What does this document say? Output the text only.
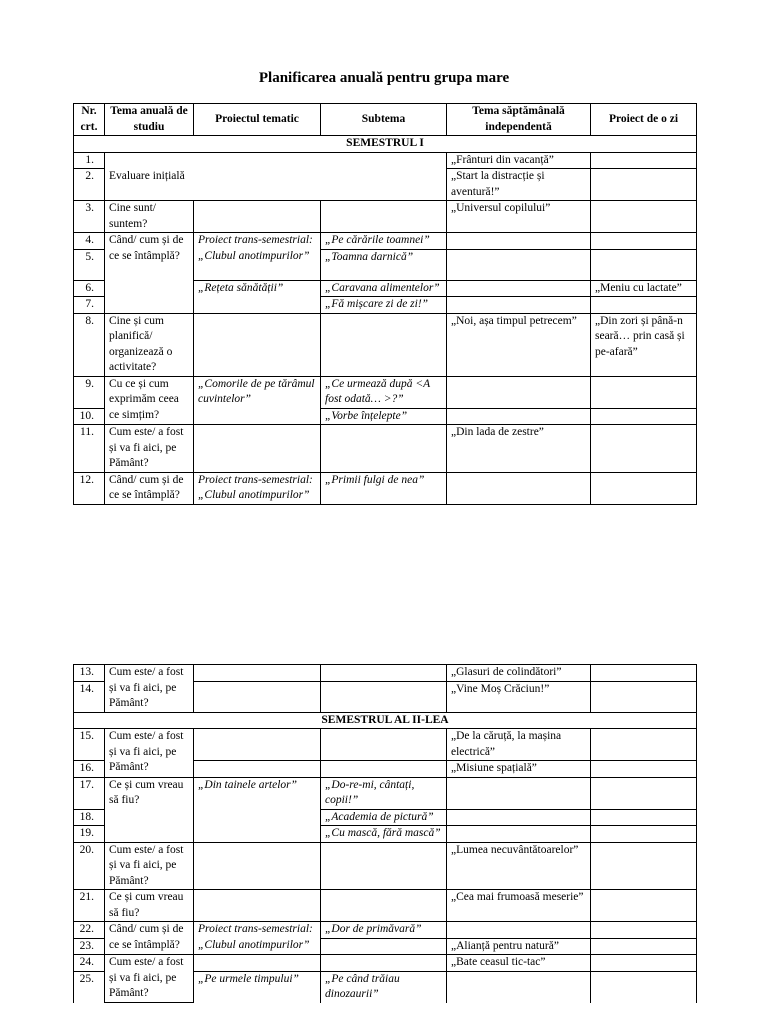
Planificarea anuală pentru grupa mare
Nr. crt.	Tema anuală de studiu	Proiectul tematic	Subtema	Tema săptămânală independentă	Proiect de o zi
SEMESTRUL I					
1.	Evaluare inițială			„Frânturi din vacanță”	
2.				„Start la distracție și aventură!”	
3.	Cine sunt/ suntem?			„Universul copilului”	
4.	Când/ cum și de ce se întâmplă?	Proiect trans-semestrial: „Clubul anotimpurilor”	„Pe cărările toamnei”		
5.			„Toamna darnică”		
6.		„Rețeta sănătății”	„Caravana alimentelor”		„Meniu cu lactate”
7.			„Fă mișcare zi de zi!”		
8.	Cine și cum planifică/ organizează o activitate?			„Noi, așa timpul petrecem”	„Din zori și până-n seară… prin casă și pe-afară”
9.	Cu ce și cum exprimăm ceea ce simțim?	„Comorile de pe tărâmul cuvintelor”	„Ce urmează după <A fost odată… >?”		
10.			„Vorbe înțelepte”		
11.	Cum este/ a fost și va fi aici, pe Pământ?			„Din lada de zestre”	
12.	Când/ cum și de ce se întâmplă?	Proiect trans-semestrial: „Clubul anotimpurilor”	„Primii fulgi de nea”		
13.	Cum este/ a fost și va fi aici, pe Pământ?			„Glasuri de colindători”	
14.				„Vine Moș Crăciun!”	
SEMESTRUL AL II-LEA					
15.	Cum este/ a fost și va fi aici, pe Pământ?			„De la căruță, la mașina electrică”	
16.				„Misiune spațială”	
17.	Ce și cum vreau să fiu?	„Din tainele artelor”	„Do-re-mi, cântați, copii!”		
18.			„Academia de pictură”		
19.			„Cu mască, fără mască”		
20.	Cum este/ a fost și va fi aici, pe Pământ?			„Lumea necuvântătoarelor”	
21.	Ce și cum vreau să fiu?			„Cea mai frumoasă meserie”	
22.	Când/ cum și de ce se întâmplă?	Proiect trans-semestrial: „Clubul anotimpurilor”	„Dor de primăvară”		
23.				„Alianță pentru natură”	
24.	Cum este/ a fost și va fi aici, pe Pământ?			„Bate ceasul tic-tac”	
25.		„Pe urmele timpului”	„Pe când trăiau dinozaurii”		
